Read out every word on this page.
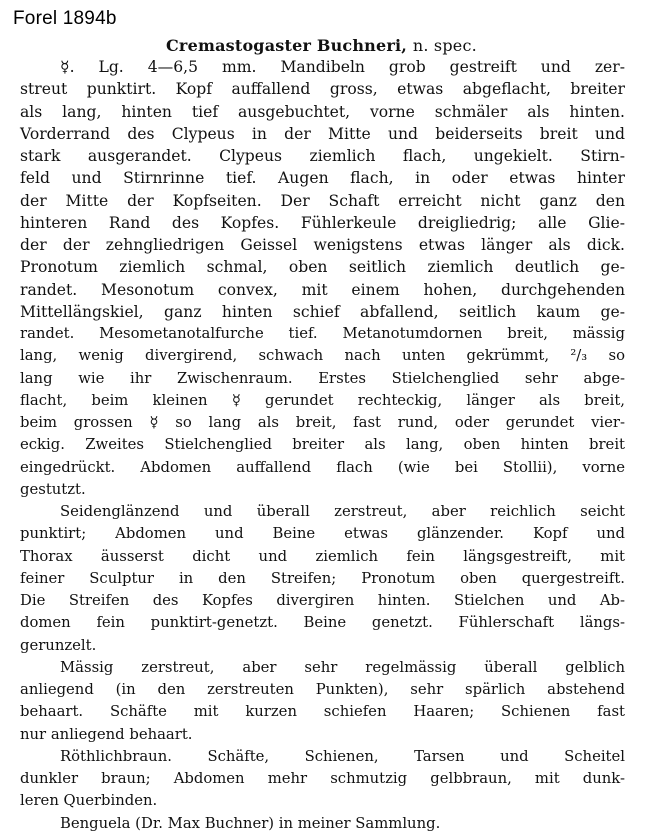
Forel 1894b
Cremastogaster Buchneri, n. spec.
☿. Lg. 4—6,5 mm. Mandibeln grob gestreift und zer-
streut punktirt. Kopf auffallend gross, etwas abgeflacht, breiter
als lang, hinten tief ausgebuchtet, vorne schmäler als hinten.
Vorderrand des Clypeus in der Mitte und beiderseits breit und
stark ausgerandet. Clypeus ziemlich flach, ungekielt. Stirn-
feld und Stirnrinne tief. Augen flach, in oder etwas hinter
der Mitte der Kopfseiten. Der Schaft erreicht nicht ganz den
hinteren Rand des Kopfes. Fühlerkeule dreigliedrig; alle Glie-
der der zehngliedrigen Geissel wenigstens etwas länger als dick.
Pronotum ziemlich schmal, oben seitlich ziemlich deutlich ge-
randet. Mesonotum convex, mit einem hohen, durchgehenden
Mittellängskiel, ganz hinten schief abfallend, seitlich kaum ge-
randet. Mesometanotalfurche tief. Metanotumdornen breit, mässig
lang, wenig divergirend, schwach nach unten gekrümmt, ²/₃ so
lang wie ihr Zwischenraum. Erstes Stielchenglied sehr abge-
flacht, beim kleinen ☿ gerundet rechteckig, länger als breit,
beim grossen ☿ so lang als breit, fast rund, oder gerundet vier-
eckig. Zweites Stielchenglied breiter als lang, oben hinten breit
eingedrückt. Abdomen auffallend flach (wie bei Stollii), vorne
gestutzt.
Seidenglänzend und überall zerstreut, aber reichlich seicht
punktirt; Abdomen und Beine etwas glänzender. Kopf und
Thorax äusserst dicht und ziemlich fein längsgestreift, mit
feiner Sculptur in den Streifen; Pronotum oben quergestreift.
Die Streifen des Kopfes divergiren hinten. Stielchen und Ab-
domen fein punktirt-genetzt. Beine genetzt. Fühlerschaft längs-
gerunzelt.
Mässig zerstreut, aber sehr regelmässig überall gelblich
anliegend (in den zerstreuten Punkten), sehr spärlich abstehend
behaart. Schäfte mit kurzen schiefen Haaren; Schienen fast
nur anliegend behaart.
Röthlichbraun. Schäfte, Schienen, Tarsen und Scheitel
dunkler braun; Abdomen mehr schmutzig gelbbraun, mit dunk-
leren Querbinden.
Benguela (Dr. Max Buchner) in meiner Sammlung.
